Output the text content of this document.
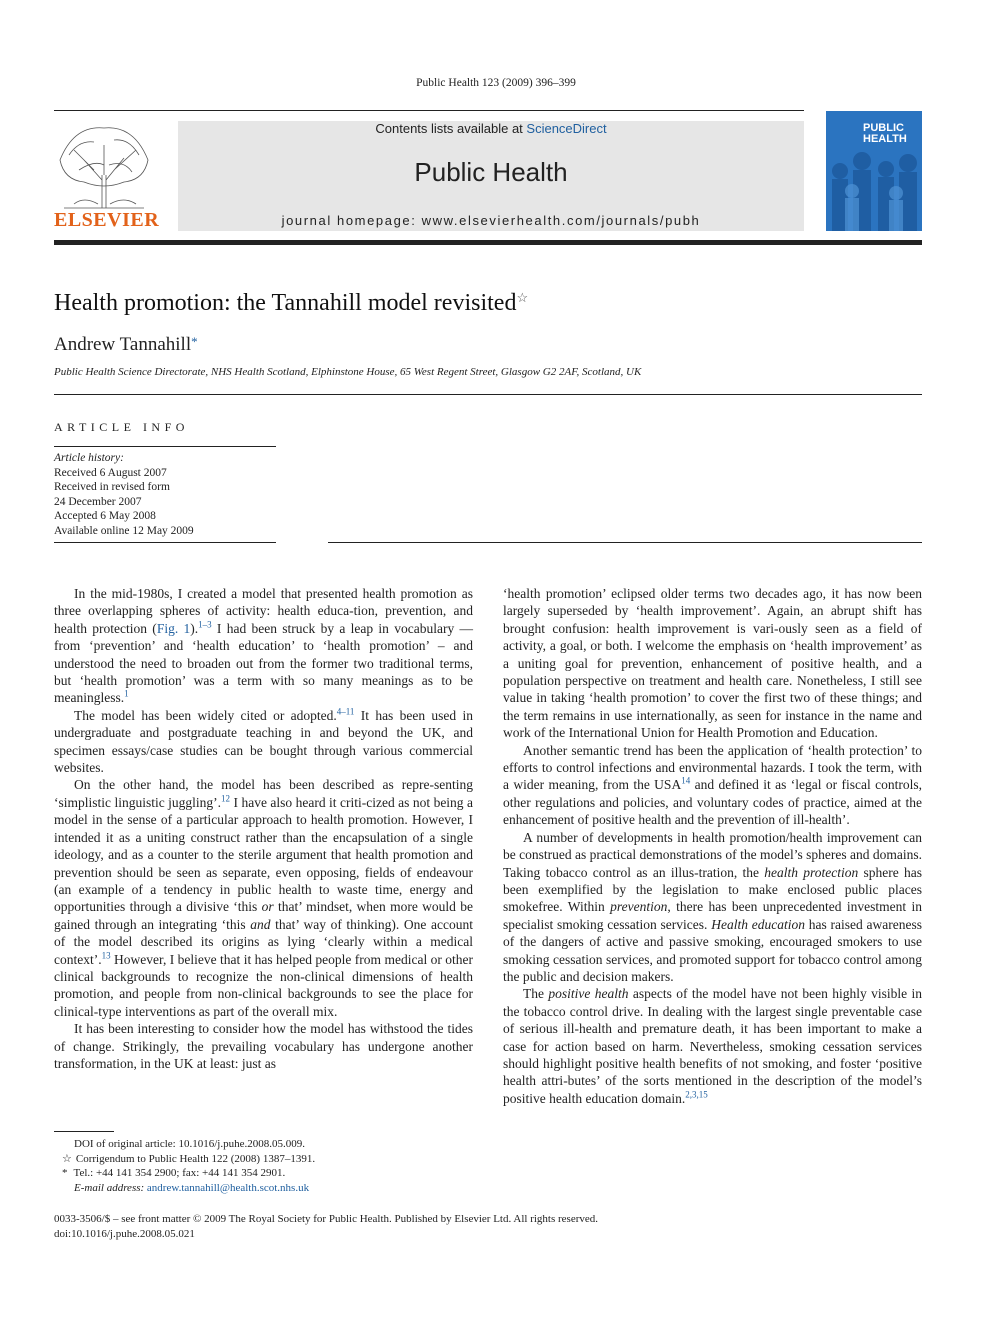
Public Health 123 (2009) 396–399
ELSEVIER
Contents lists available at ScienceDirect
Public Health
journal homepage: www.elsevierhealth.com/journals/pubh
PUBLIC
HEALTH
Health promotion: the Tannahill model revisited☆
Andrew Tannahill*
Public Health Science Directorate, NHS Health Scotland, Elphinstone House, 65 West Regent Street, Glasgow G2 2AF, Scotland, UK
ARTICLE INFO
Article history:
Received 6 August 2007
Received in revised form
24 December 2007
Accepted 6 May 2008
Available online 12 May 2009

In the mid-1980s, I created a model that presented health promotion as three overlapping spheres of activity: health educa-tion, prevention, and health protection (Fig. 1).$^{1-3}$ I had been struck by a leap in vocabulary — from ‘prevention’ and ‘health education’ to ‘health promotion’ – and understood the need to broaden out from the former two traditional terms, but ‘health promotion’ was a term with so many meanings as to be meaningless.$^1$

The model has been widely cited or adopted.$^{4-11}$ It has been used in undergraduate and postgraduate teaching in and beyond the UK, and specimen essays/case studies can be bought through various commercial websites.

On the other hand, the model has been described as repre-senting ‘simplistic linguistic juggling’.$^{12}$ I have also heard it criti-cized as not being a model in the sense of a particular approach to health promotion. However, I intended it as a uniting construct rather than the encapsulation of a single ideology, and as a counter to the sterile argument that health promotion and prevention should be seen as separate, even opposing, fields of endeavour (an example of a tendency in public health to waste time, energy and opportunities through a divisive ‘this or that’ mindset, when more would be gained through an integrating ‘this and that’ way of thinking). One account of the model described its origins as lying ‘clearly within a medical context’.$^{13}$ However, I believe that it has helped people from medical or other clinical backgrounds to recognize the non-clinical dimensions of health promotion, and people from non-clinical backgrounds to see the place for clinical-type interventions as part of the overall mix.

It has been interesting to consider how the model has withstood the tides of change. Strikingly, the prevailing vocabulary has undergone another transformation, in the UK at least: just as

‘health promotion’ eclipsed older terms two decades ago, it has now been largely superseded by ‘health improvement’. Again, an abrupt shift has brought confusion: health improvement is vari-ously seen as a field of activity, a goal, or both. I welcome the emphasis on ‘health improvement’ as a uniting goal for prevention, enhancement of positive health, and a population perspective on treatment and health care. Nonetheless, I still see value in taking ‘health promotion’ to cover the first two of these things; and the term remains in use internationally, as seen for instance in the name and work of the International Union for Health Promotion and Education.

Another semantic trend has been the application of ‘health protection’ to efforts to control infections and environmental hazards. I took the term, with a wider meaning, from the USA$^{14}$ and defined it as ‘legal or fiscal controls, other regulations and policies, and voluntary codes of practice, aimed at the enhancement of positive health and the prevention of ill-health’.

A number of developments in health promotion/health improvement can be construed as practical demonstrations of the model’s spheres and domains. Taking tobacco control as an illus-tration, the health protection sphere has been exemplified by the legislation to make enclosed public places smokefree. Within prevention, there has been unprecedented investment in specialist smoking cessation services. Health education has raised awareness of the dangers of active and passive smoking, encouraged smokers to use smoking cessation services, and promoted support for tobacco control among the public and decision makers.

The positive health aspects of the model have not been highly visible in the tobacco control drive. In dealing with the largest single preventable case of serious ill-health and premature death, it has been important to make a case for action based on harm. Nevertheless, smoking cessation services should highlight positive health benefits of not smoking, and foster ‘positive health attri-butes’ of the sorts mentioned in the description of the model’s positive health education domain.$^{2,3,15}$

DOI of original article: 10.1016/j.puhe.2008.05.009.
☆ Corrigendum to Public Health 122 (2008) 1387–1391.
* Tel.: +44 141 354 2900; fax: +44 141 354 2901.
E-mail address: andrew.tannahill@health.scot.nhs.uk
0033-3506/$ – see front matter © 2009 The Royal Society for Public Health. Published by Elsevier Ltd. All rights reserved.
doi:10.1016/j.puhe.2008.05.021
